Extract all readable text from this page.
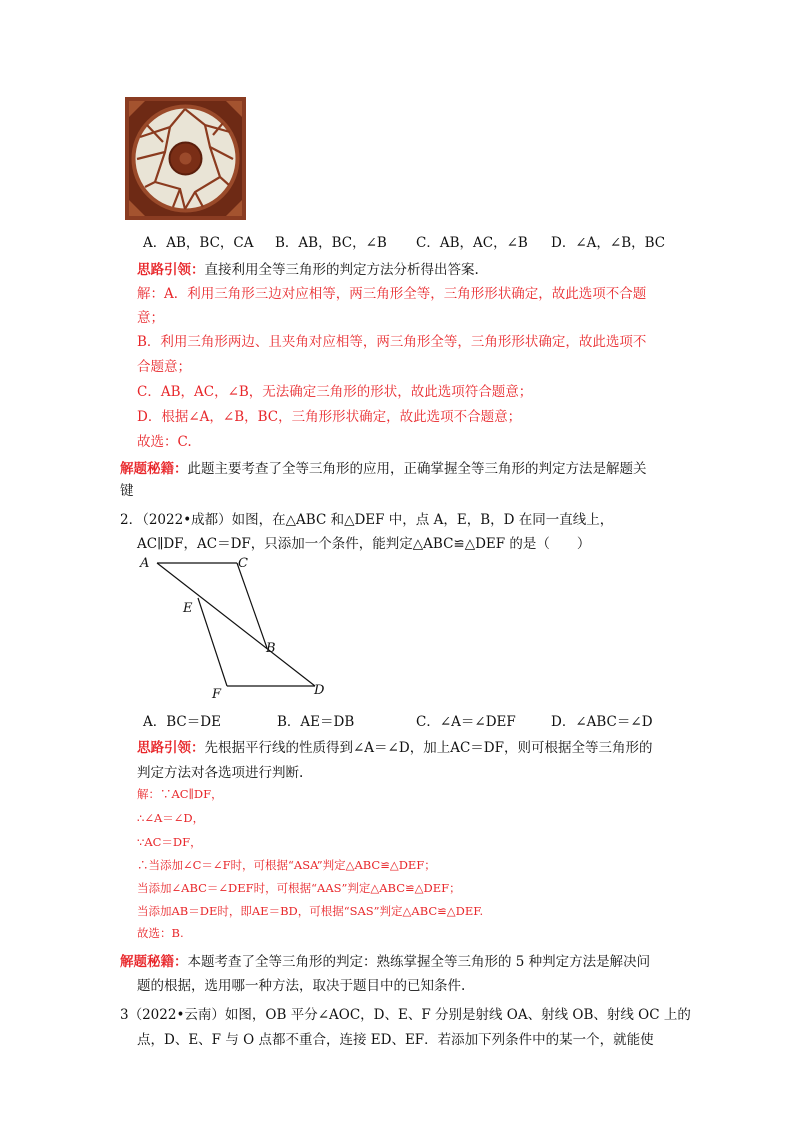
A．AB，BC，CA B．AB，BC，∠B C．AB，AC，∠B D．∠A，∠B，BC
思路引领：直接利用全等三角形的判定方法分析得出答案.
解：A．利用三角形三边对应相等，两三角形全等，三角形形状确定，故此选项不合题
意；
B．利用三角形两边、且夹角对应相等，两三角形全等，三角形形状确定，故此选项不
合题意；
C．AB，AC，∠B，无法确定三角形的形状，故此选项符合题意；
D．根据∠A，∠B，BC，三角形形状确定，故此选项不合题意；
故选：C.
解题秘籍：此题主要考查了全等三角形的应用，正确掌握全等三角形的判定方法是解题关
键
2．（2022•成都）如图，在△ABC 和△DEF 中，点 A，E，B，D 在同一直线上，
AC∥DF，AC＝DF，只添加一个条件，能判定△ABC≌△DEF 的是（　　）
A	C
E
B
F	D
A．BC＝DE	B．AE＝DB	C．∠A＝∠DEF	D．∠ABC＝∠D
思路引领：先根据平行线的性质得到∠A＝∠D，加上AC＝DF，则可根据全等三角形的
判定方法对各选项进行判断.
解：∵AC∥DF，
∴∠A＝∠D，
∵AC＝DF，
∴当添加∠C＝∠F时，可根据“ASA”判定△ABC≌△DEF；
当添加∠ABC＝∠DEF时，可根据“AAS”判定△ABC≌△DEF；
当添加AB＝DE时，即AE＝BD，可根据“SAS”判定△ABC≌△DEF.
故选：B.
解题秘籍：本题考查了全等三角形的判定：熟练掌握全等三角形的 5 种判定方法是解决问
题的根据，选用哪一种方法，取决于题目中的已知条件.
3（2022•云南）如图，OB 平分∠AOC，D、E、F 分别是射线 OA、射线 OB、射线 OC 上的
点，D、E、F 与 O 点都不重合，连接 ED、EF．若添加下列条件中的某一个，就能使
